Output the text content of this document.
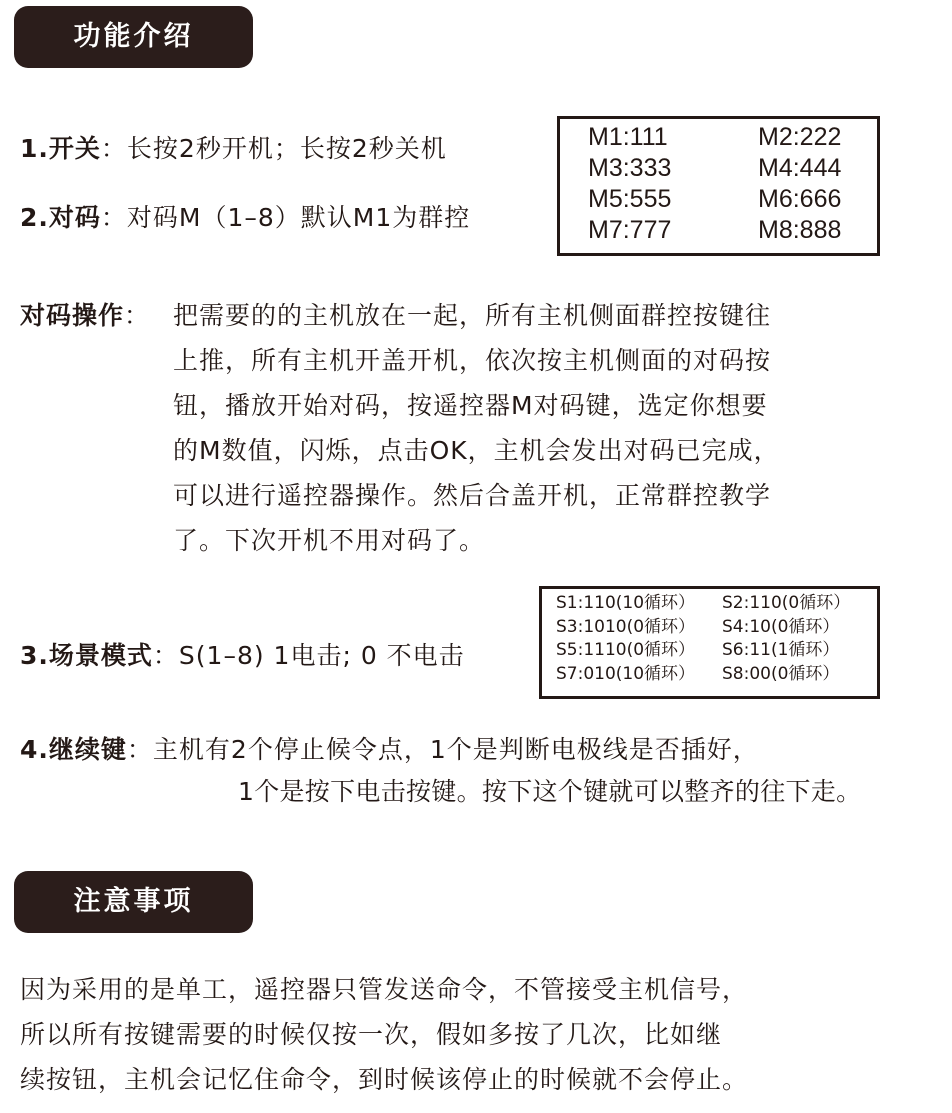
功能介绍
1.开关：长按2秒开机；长按2秒关机
2.对码：对码M（1–8）默认M1为群控
M1:111	M2:222
M3:333	M4:444
M5:555	M6:666
M7:777	M8:888
对码操作： 把需要的的主机放在一起，所有主机侧面群控按键往
上推，所有主机开盖开机，依次按主机侧面的对码按
钮，播放开始对码，按遥控器M对码键，选定你想要
的M数值，闪烁，点击OK，主机会发出对码已完成，
可以进行遥控器操作。然后合盖开机，正常群控教学
了。下次开机不用对码了。
3.场景模式：S(1–8) 1电击; 0 不电击
S1:110(10循环）	S2:110(0循环）
S3:1010(0循环）	S4:10(0循环）
S5:1110(0循环）	S6:11(1循环）
S7:010(10循环）	S8:00(0循环）
4.继续键：主机有2个停止候令点，1个是判断电极线是否插好，
1个是按下电击按键。按下这个键就可以整齐的往下走。
注意事项
因为采用的是单工，遥控器只管发送命令，不管接受主机信号，
所以所有按键需要的时候仅按一次，假如多按了几次，比如继
续按钮，主机会记忆住命令，到时候该停止的时候就不会停止。
